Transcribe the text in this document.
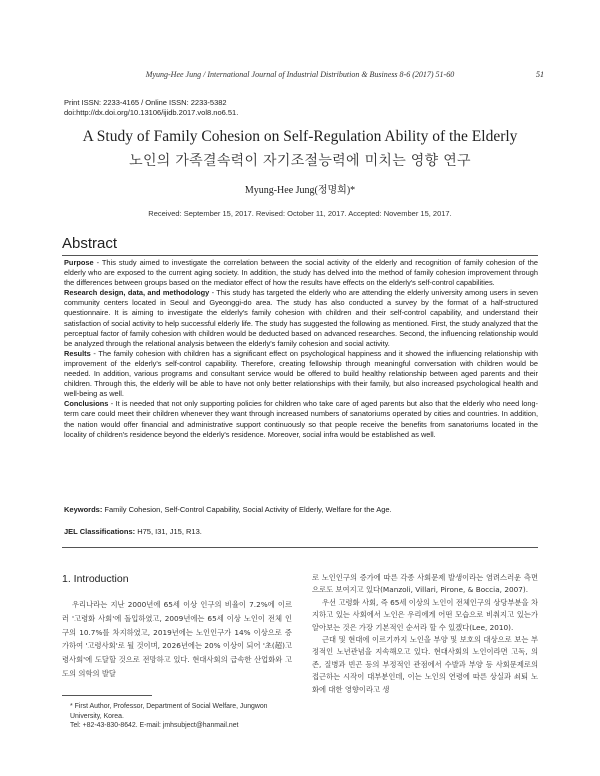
Myung-Hee Jung / International Journal of Industrial Distribution & Business 8-6 (2017) 51-60	51
Print ISSN: 2233-4165 / Online ISSN: 2233-5382
doi:http://dx.doi.org/10.13106/ijidb.2017.vol8.no6.51.
A Study of Family Cohesion on Self-Regulation Ability of the Elderly
노인의 가족결속력이 자기조절능력에 미치는 영향 연구
Myung-Hee Jung(정명희)*
Received: September 15, 2017. Revised: October 11, 2017. Accepted: November 15, 2017.
Abstract

Purpose - This study aimed to investigate the correlation between the social activity of the elderly and recognition of family cohesion of the elderly who are exposed to the current aging society. In addition, the study has delved into the method of family cohesion improvement through the differences between groups based on the mediator effect of how the results have effects on the elderly's self-control capabilities.

Research design, data, and methodology - This study has targeted the elderly who are attending the elderly university among users in seven community centers located in Seoul and Gyeonggi-do area. The study has also conducted a survey by the format of a half-structured questionnaire. It is aiming to investigate the elderly's family cohesion with children and their self-control capability, and understand their satisfaction of social activity to help successful elderly life. The study has suggested the following as mentioned. First, the study analyzed that the perceptual factor of family cohesion with children would be deducted based on advanced researches. Second, the influencing relationship would be analyzed through the relational analysis between the elderly's family cohesion and social activity.

Results - The family cohesion with children has a significant effect on psychological happiness and it showed the influencing relationship with improvement of the elderly's self-control capability. Therefore, creating fellowship through meaningful conversation with children would be needed. In addition, various programs and consultant service would be offered to build healthy relationship between aged parents and their children. Through this, the elderly will be able to have not only better relationships with their family, but also increased psychological health and well-being as well.

Conclusions - It is needed that not only supporting policies for children who take care of aged parents but also that the elderly who need long-term care could meet their children whenever they want through increased numbers of sanatoriums operated by cities and countries. In addition, the nation would offer financial and administrative support continuously so that people receive the benefits from sanatoriums located in the locality of children's residence beyond the elderly's residence. Moreover, social infra would be established as well.

Keywords: Family Cohesion, Self-Control Capability, Social Activity of Elderly, Welfare for the Age.
JEL Classifications: H75, I31, J15, R13.
1. Introduction

우리나라는 지난 2000년에 65세 이상 인구의 비율이 7.2%에 이르러 '고령화 사회'에 돌입하였고, 2009년에는 65세 이상 노인이 전체 인구의 10.7%를 차지하였고, 2019년에는 노인인구가 14% 이상으로 증가하여 '고령사회'로 될 것이며, 2026년에는 20% 이상이 되어 '초(超)고령사회'에 도달할 것으로 전망하고 있다. 현대사회의 급속한 산업화와 고도의 의학의 발달

* First Author, Professor, Department of Social Welfare, Jungwon University, Korea.

Tel: +82-43-830-8642. E-mail: jmhsubject@hanmail.net

로 노인인구의 증가에 따른 각종 사회문제 발생이라는 염려스러운 측면으로도 보여지고 있다(Manzoli, Villari, Pirone, & Boccia, 2007).

우선 고령화 사회, 즉 65세 이상의 노인이 전체인구의 상당부분을 차지하고 있는 사회에서 노인은 우리에게 어떤 모습으로 비춰지고 있는가 알아보는 것은 가장 기본적인 순서라 할 수 있겠다(Lee, 2010).

근대 및 현대에 이르기까지 노인을 부양 및 보호의 대상으로 보는 부정적인 노년관념을 지속해오고 있다. 현대사회의 노인이라면 고독, 의존, 질병과 빈곤 등의 부정적인 관점에서 수발과 부양 등 사회문제로의 접근하는 시작이 대부분인데, 이는 노인의 연령에 따른 상실과 쇠퇴 노화에 대한 영향이라고 생
